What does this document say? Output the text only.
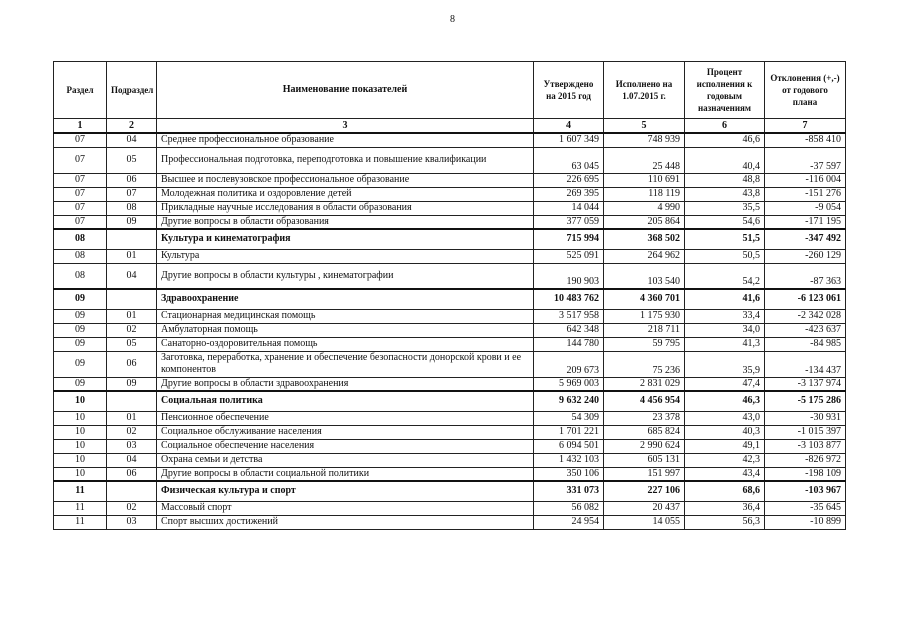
8
Раздел	Подраздел	Наименование показателей	Утверждено на 2015 год	Исполнено на 1.07.2015 г.	Процент исполнения к годовым назначениям	Отклонения (+,-) от годового плана
1	2	3	4	5	6	7
07	04	Среднее профессиональное образование	1 607 349	748 939	46,6	-858 410
07	05	Профессиональная подготовка, переподготовка и повышение квалификации	63 045	25 448	40,4	-37 597
07	06	Высшее и послевузовское профессиональное образование	226 695	110 691	48,8	-116 004
07	07	Молодежная политика и оздоровление детей	269 395	118 119	43,8	-151 276
07	08	Прикладные научные исследования в области образования	14 044	4 990	35,5	-9 054
07	09	Другие вопросы в области образования	377 059	205 864	54,6	-171 195
08		Культура и кинематография	715 994	368 502	51,5	-347 492
08	01	Культура	525 091	264 962	50,5	-260 129
08	04	Другие вопросы в области культуры , кинематографии	190 903	103 540	54,2	-87 363
09		Здравоохранение	10 483 762	4 360 701	41,6	-6 123 061
09	01	Стационарная медицинская помощь	3 517 958	1 175 930	33,4	-2 342 028
09	02	Амбулаторная помощь	642 348	218 711	34,0	-423 637
09	05	Санаторно-оздоровительная помощь	144 780	59 795	41,3	-84 985
09	06	Заготовка, переработка, хранение и обеспечение безопасности донорской крови и ее компонентов	209 673	75 236	35,9	-134 437
09	09	Другие вопросы в области здравоохранения	5 969 003	2 831 029	47,4	-3 137 974
10		Социальная политика	9 632 240	4 456 954	46,3	-5 175 286
10	01	Пенсионное обеспечение	54 309	23 378	43,0	-30 931
10	02	Социальное обслуживание населения	1 701 221	685 824	40,3	-1 015 397
10	03	Социальное обеспечение населения	6 094 501	2 990 624	49,1	-3 103 877
10	04	Охрана семьи и детства	1 432 103	605 131	42,3	-826 972
10	06	Другие вопросы в области социальной политики	350 106	151 997	43,4	-198 109
11		Физическая культура и спорт	331 073	227 106	68,6	-103 967
11	02	Массовый спорт	56 082	20 437	36,4	-35 645
11	03	Спорт высших достижений	24 954	14 055	56,3	-10 899
